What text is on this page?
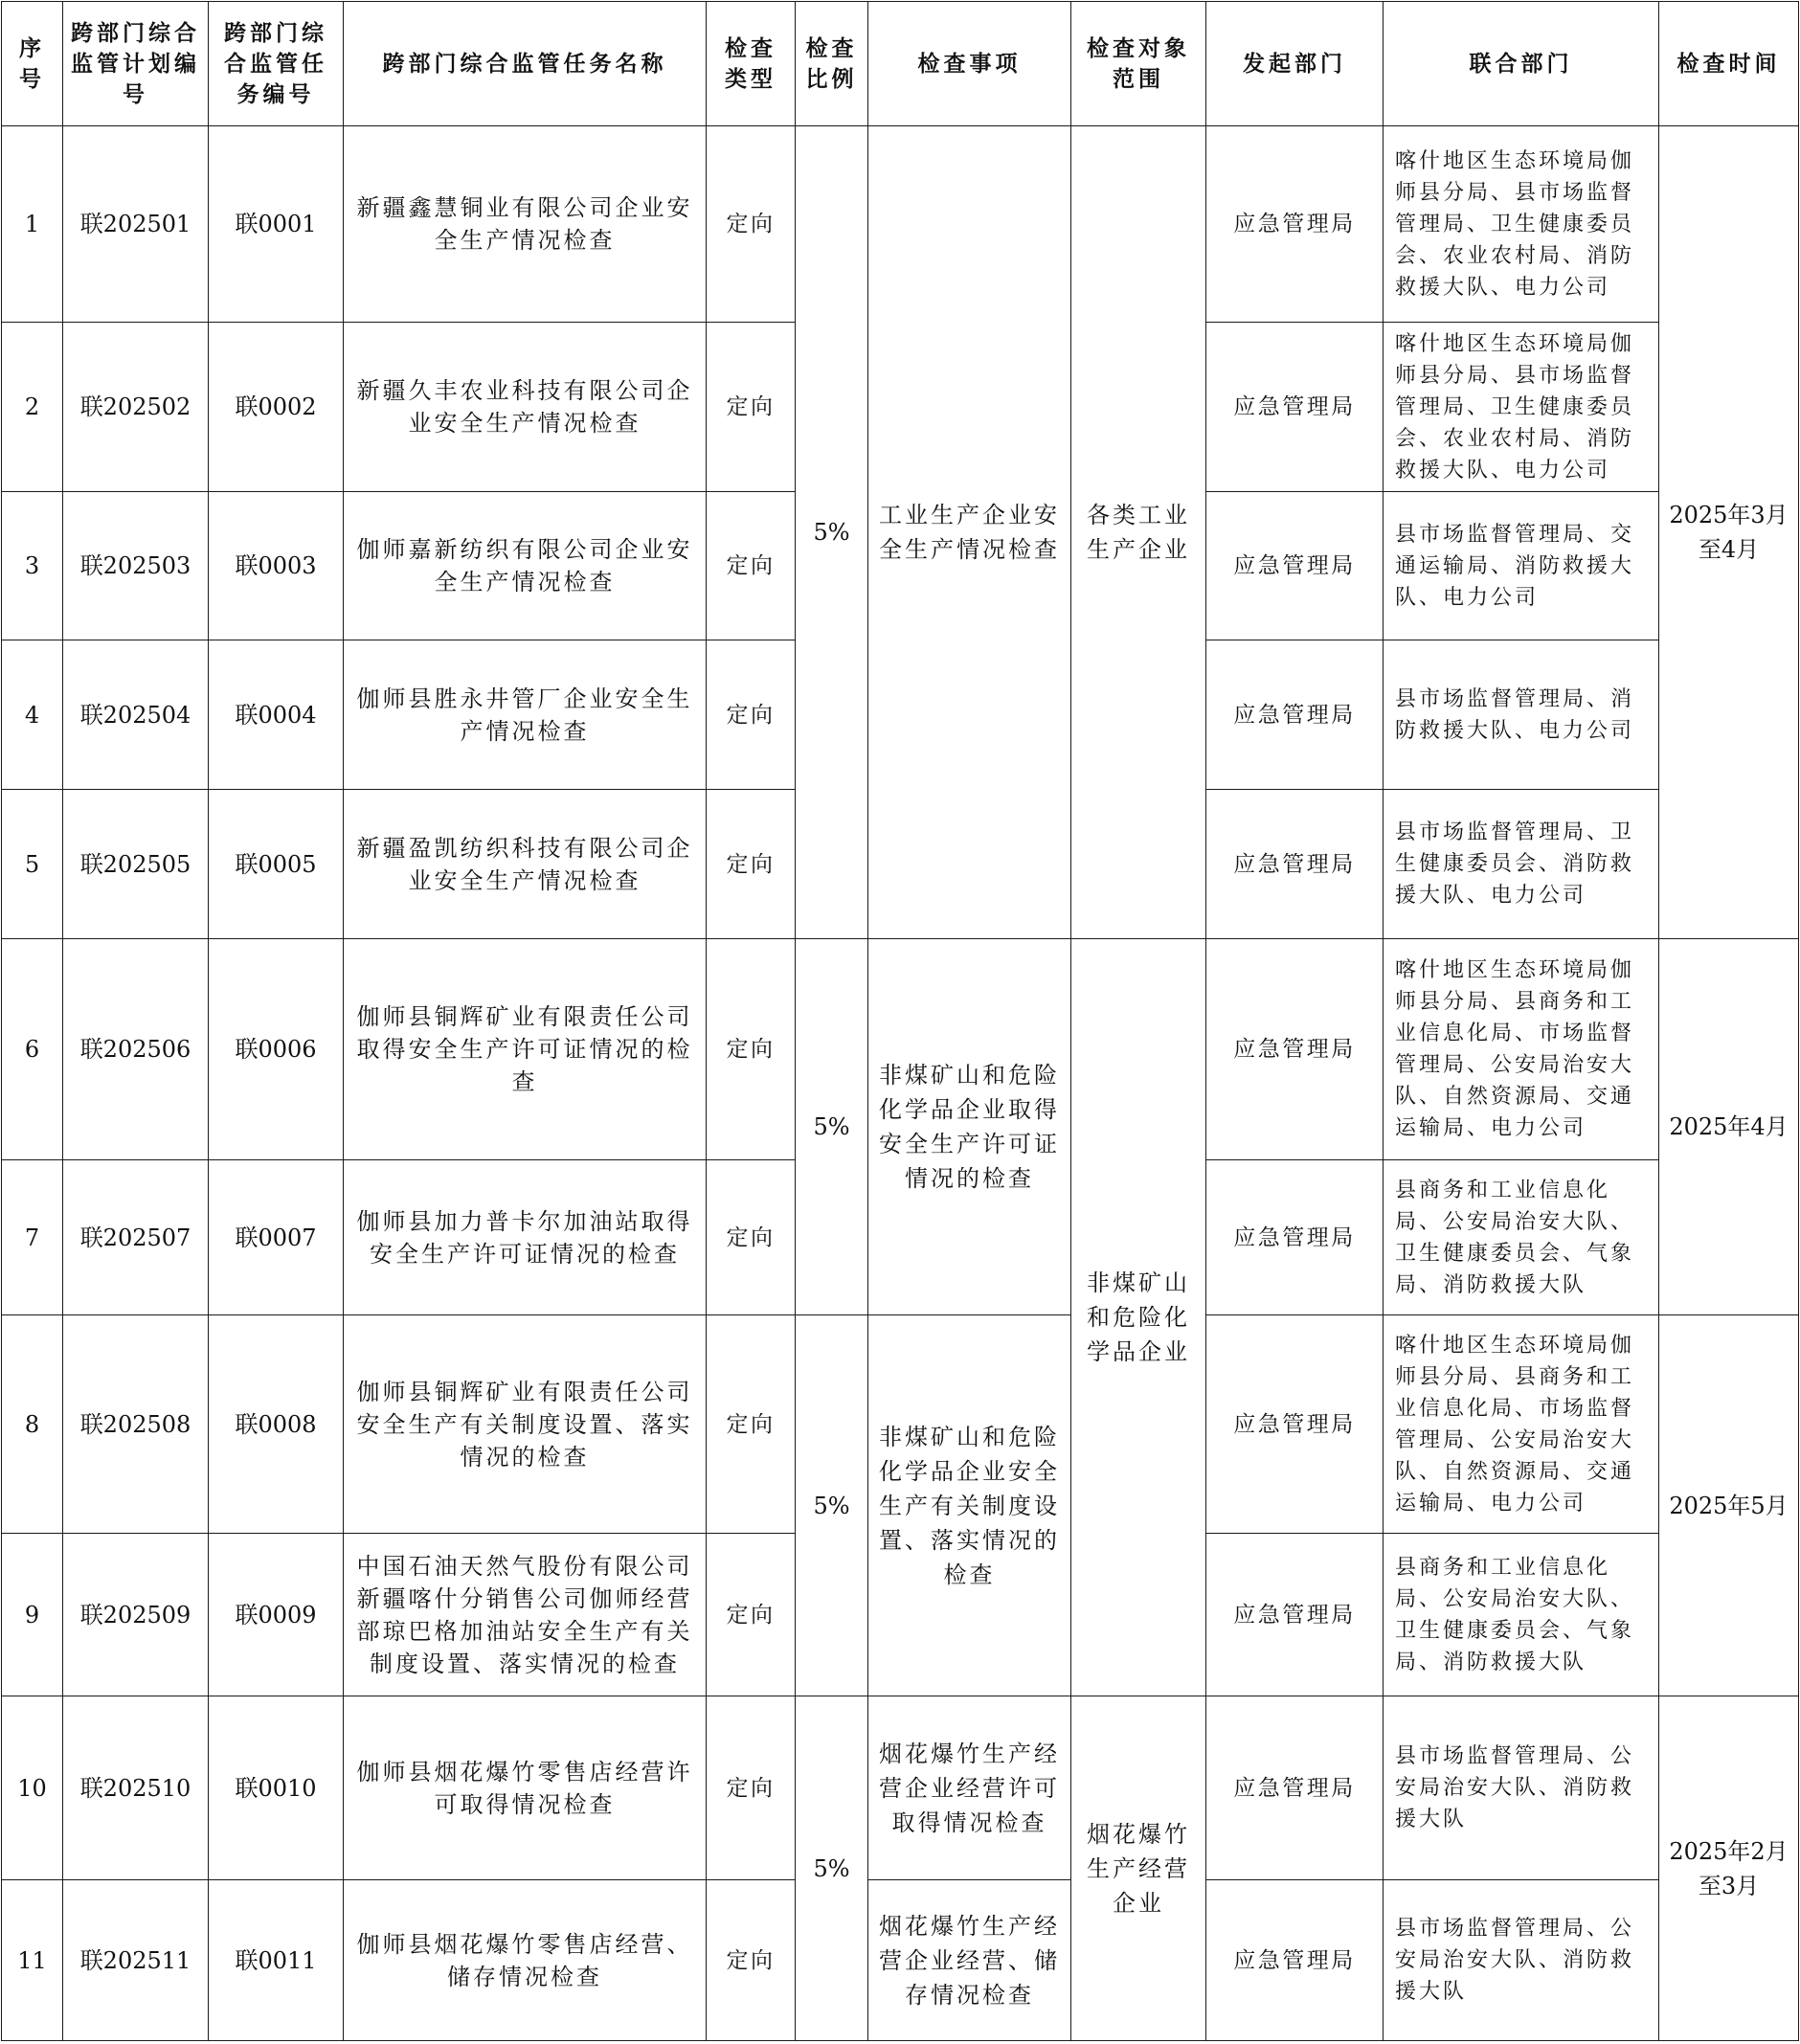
序号	跨部门综合监管计划编号	跨部门综合监管任务编号	跨部门综合监管任务名称	检查类型	检查比例	检查事项	检查对象范围	发起部门	联合部门	检查时间
1	联202501	联0001	新疆鑫慧铜业有限公司企业安全生产情况检查	定向	5%	工业生产企业安全生产情况检查	各类工业生产企业	应急管理局	喀什地区生态环境局伽师县分局、县市场监督管理局、卫生健康委员会、农业农村局、消防救援大队、电力公司	2025年3月至4月
2	联202502	联0002	新疆久丰农业科技有限公司企业安全生产情况检查	定向				应急管理局	喀什地区生态环境局伽师县分局、县市场监督管理局、卫生健康委员会、农业农村局、消防救援大队、电力公司	
3	联202503	联0003	伽师嘉新纺织有限公司企业安全生产情况检查	定向				应急管理局	县市场监督管理局、交通运输局、消防救援大队、电力公司	
4	联202504	联0004	伽师县胜永井管厂企业安全生产情况检查	定向				应急管理局	县市场监督管理局、消防救援大队、电力公司	
5	联202505	联0005	新疆盈凯纺织科技有限公司企业安全生产情况检查	定向				应急管理局	县市场监督管理局、卫生健康委员会、消防救援大队、电力公司	
6	联202506	联0006	伽师县铜辉矿业有限责任公司取得安全生产许可证情况的检查	定向	5%	非煤矿山和危险化学品企业取得安全生产许可证情况的检查	非煤矿山和危险化学品企业	应急管理局	喀什地区生态环境局伽师县分局、县商务和工业信息化局、市场监督管理局、公安局治安大队、自然资源局、交通运输局、电力公司	2025年4月
7	联202507	联0007	伽师县加力普卡尔加油站取得安全生产许可证情况的检查	定向				应急管理局	县商务和工业信息化局、公安局治安大队、卫生健康委员会、气象局、消防救援大队	
8	联202508	联0008	伽师县铜辉矿业有限责任公司安全生产有关制度设置、落实情况的检查	定向	5%	非煤矿山和危险化学品企业安全生产有关制度设置、落实情况的检查		应急管理局	喀什地区生态环境局伽师县分局、县商务和工业信息化局、市场监督管理局、公安局治安大队、自然资源局、交通运输局、电力公司	2025年5月
9	联202509	联0009	中国石油天然气股份有限公司新疆喀什分销售公司伽师经营部琼巴格加油站安全生产有关制度设置、落实情况的检查	定向				应急管理局	县商务和工业信息化局、公安局治安大队、卫生健康委员会、气象局、消防救援大队	
10	联202510	联0010	伽师县烟花爆竹零售店经营许可取得情况检查	定向	5%	烟花爆竹生产经营企业经营许可取得情况检查	烟花爆竹生产经营企业	应急管理局	县市场监督管理局、公安局治安大队、消防救援大队	2025年2月至3月
11	联202511	联0011	伽师县烟花爆竹零售店经营、储存情况检查	定向		烟花爆竹生产经营企业经营、储存情况检查		应急管理局	县市场监督管理局、公安局治安大队、消防救援大队	
